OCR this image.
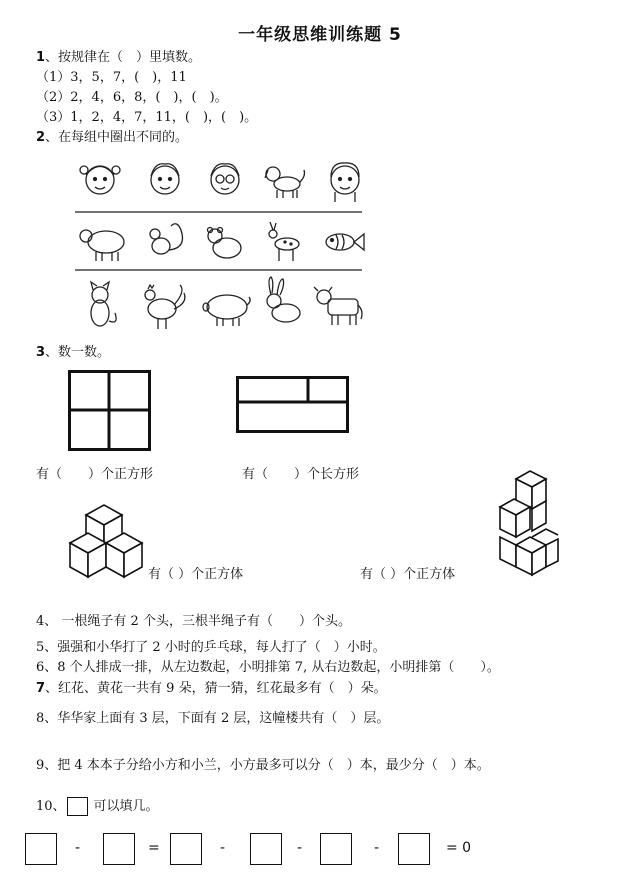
一年级思维训练题 5
1、按规律在（　）里填数。
（1）3，5，7，(　)，11
（2）2，4，6，8，(　)，(　)。
（3）1，2，4，7，11，(　)，(　)。
2、在每组中圈出不同的。
3、数一数。
有（　　）个正方形	有（　　）个长方形
有（ ）个正方体	有（ ）个正方体
4、 一根绳子有 2 个头，三根半绳子有（　　）个头。
5、强强和小华打了 2 小时的乒乓球，每人打了（　）小时。
6、8 个人排成一排，从左边数起，小明排第 7, 从右边数起，小明排第（　　）。
7、红花、黄花一共有 9 朵，猜一猜，红花最多有（　）朵。
8、华华家上面有 3 层，下面有 2 层，这幢楼共有（　）层。
9、把 4 本本子分给小方和小兰，小方最多可以分（　）本，最少分（　）本。
10、 可以填几。
-	=	-	-	-	= 0
